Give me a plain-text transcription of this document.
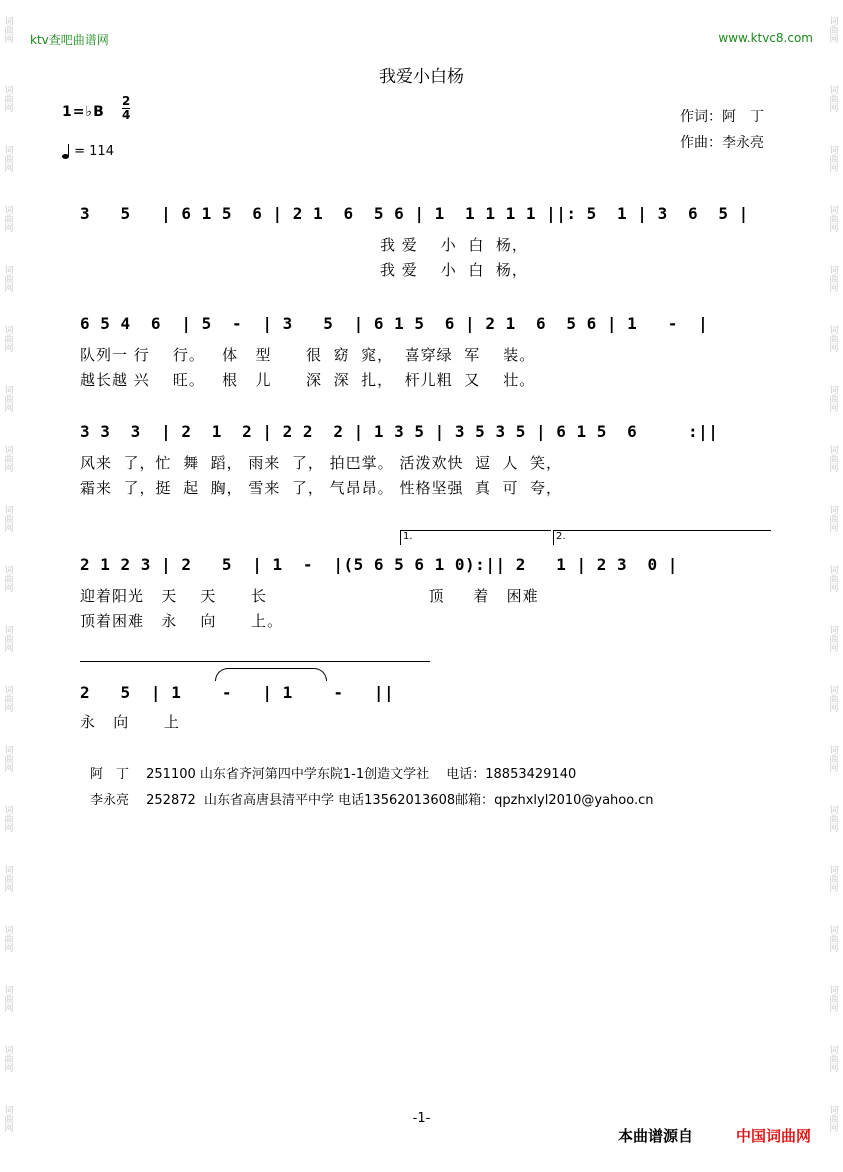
词
曲
网

词
曲
网
词
曲
网
词
曲
网
词
曲
网
词
曲
网
词
曲
网
词
曲
网
词
曲
网
词
曲
网
词
曲
网
词
曲
网
词
曲
网
词
曲
网
词
曲
网
词
曲
网
词
曲
网
词
曲
网
词
曲
网

词
曲
网

词
曲
网
词
曲
网
词
曲
网
词
曲
网
词
曲
网
词
曲
网
词
曲
网
词
曲
网
词
曲
网
词
曲
网
词
曲
网
词
曲
网
词
曲
网
词
曲
网
词
曲
网
词
曲
网
词
曲
网
词
曲
网
ktv查吧曲谱网	www.ktvc8.com
我爱小白杨
1=♭B
2
4
= 114
作词：阿　丁
作曲：李永亮
3   5   | 6 1 5  6 | 2 1  6  5 6 | 1  1 1 1 1 ||: 5  1 | 3  6  5 |
我 爱    小  白  杨，
我 爱    小  白  杨，
6 5 4  6  | 5  -  | 3   5  | 6 1 5  6 | 2 1  6  5 6 | 1   -  |
队列一 行    行。   体   型      很  窈  窕，  喜穿绿  军    装。
越长越 兴    旺。   根   儿      深  深  扎，  杆儿粗  又    壮。
3 3  3  | 2  1  2 | 2 2  2 | 1 3 5 | 3 5 3 5 | 6 1 5  6     :||
风来  了，忙  舞  蹈， 雨来  了， 拍巴掌。 活泼欢快  逗  人  笑，
霜来  了，挺  起  胸， 雪来  了， 气昂昂。 性格坚强  真  可  夸，
1.	2.
2 1 2 3 | 2   5  | 1  -  |(5 6 5 6 1 0):|| 2   1 | 2 3  0 |
迎着阳光   天    天      长                            顶     着   困难
顶着困难   永    向      上。
2   5  | 1    -   | 1    -   ||
永   向      上
阿　丁　 251100 山东省齐河第四中学东院1-1创造文学社　 电话：18853429140
李永亮　 252872  山东省高唐县清平中学 电话13562013608邮箱：qpzhxlyl2010@yahoo.cn
-1-
本曲谱源自	中国词曲网
